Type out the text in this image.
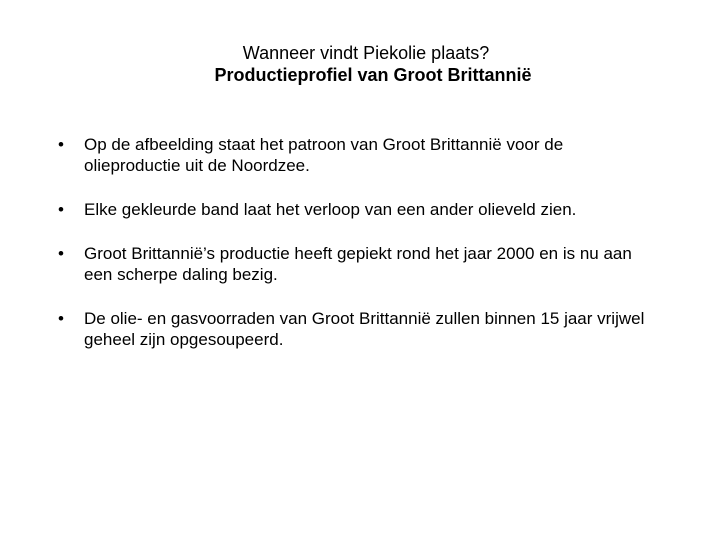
Wanneer vindt Piekolie plaats?
Productieprofiel van Groot Brittannië
• Op de afbeelding staat het patroon van Groot Brittannië voor de olieproductie uit de Noordzee.
• Elke gekleurde band laat het verloop van een ander olieveld zien.
• Groot Brittannië’s productie heeft gepiekt rond het jaar 2000 en is nu aan een scherpe daling bezig.
• De olie- en gasvoorraden van Groot Brittannië zullen binnen 15 jaar vrijwel geheel zijn opgesoupeerd.
